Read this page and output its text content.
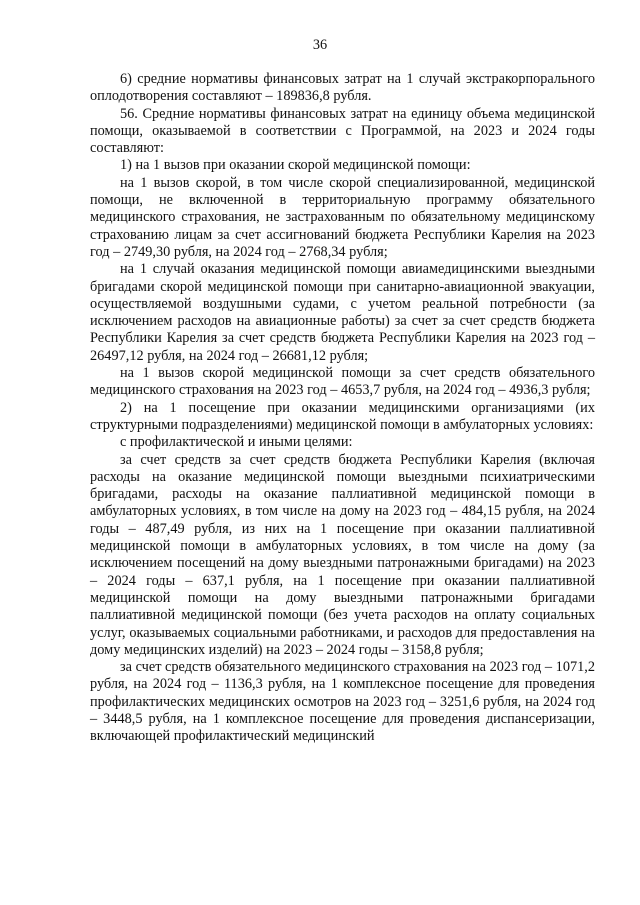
36

6) средние нормативы финансовых затрат на 1 случай экстракорпорального оплодотворения составляют – 189836,8 рубля.

56. Средние нормативы финансовых затрат на единицу объема медицинской помощи, оказываемой в соответствии с Программой, на 2023 и 2024 годы составляют:

1) на 1 вызов при оказании скорой медицинской помощи:

на 1 вызов скорой, в том числе скорой специализированной, медицинской помощи, не включенной в территориальную программу обязательного медицинского страхования, не застрахованным по обязательному медицинскому страхованию лицам за счет ассигнований бюджета Республики Карелия на 2023 год – 2749,30 рубля, на 2024 год – 2768,34 рубля;

на 1 случай оказания медицинской помощи авиамедицинскими выездными бригадами скорой медицинской помощи при санитарно-авиационной эвакуации, осуществляемой воздушными судами, с учетом реальной потребности (за исключением расходов на авиационные работы) за счет за счет средств бюджета Республики Карелия за счет средств бюджета Республики Карелия на 2023 год – 26497,12 рубля, на 2024 год – 26681,12 рубля;

на 1 вызов скорой медицинской помощи за счет средств обязательного медицинского страхования на 2023 год – 4653,7 рубля, на 2024 год – 4936,3 рубля;

2) на 1 посещение при оказании медицинскими организациями (их структурными подразделениями) медицинской помощи в амбулаторных условиях:

с профилактической и иными целями:

за счет средств за счет средств бюджета Республики Карелия (включая расходы на оказание медицинской помощи выездными психиатрическими бригадами, расходы на оказание паллиативной медицинской помощи в амбулаторных условиях, в том числе на дому на 2023 год – 484,15 рубля, на 2024 годы – 487,49 рубля, из них на 1 посещение при оказании паллиативной медицинской помощи в амбулаторных условиях, в том числе на дому (за исключением посещений на дому выездными патронажными бригадами) на 2023 – 2024 годы – 637,1 рубля, на 1 посещение при оказании паллиативной медицинской помощи на дому выездными патронажными бригадами паллиативной медицинской помощи (без учета расходов на оплату социальных услуг, оказываемых социальными работниками, и расходов для предоставления на дому медицинских изделий) на 2023 – 2024 годы – 3158,8 рубля;

за счет средств обязательного медицинского страхования на 2023 год – 1071,2 рубля, на 2024 год – 1136,3 рубля, на 1 комплексное посещение для проведения профилактических медицинских осмотров на 2023 год – 3251,6 рубля, на 2024 год – 3448,5 рубля, на 1 комплексное посещение для проведения диспансеризации, включающей профилактический медицинский
